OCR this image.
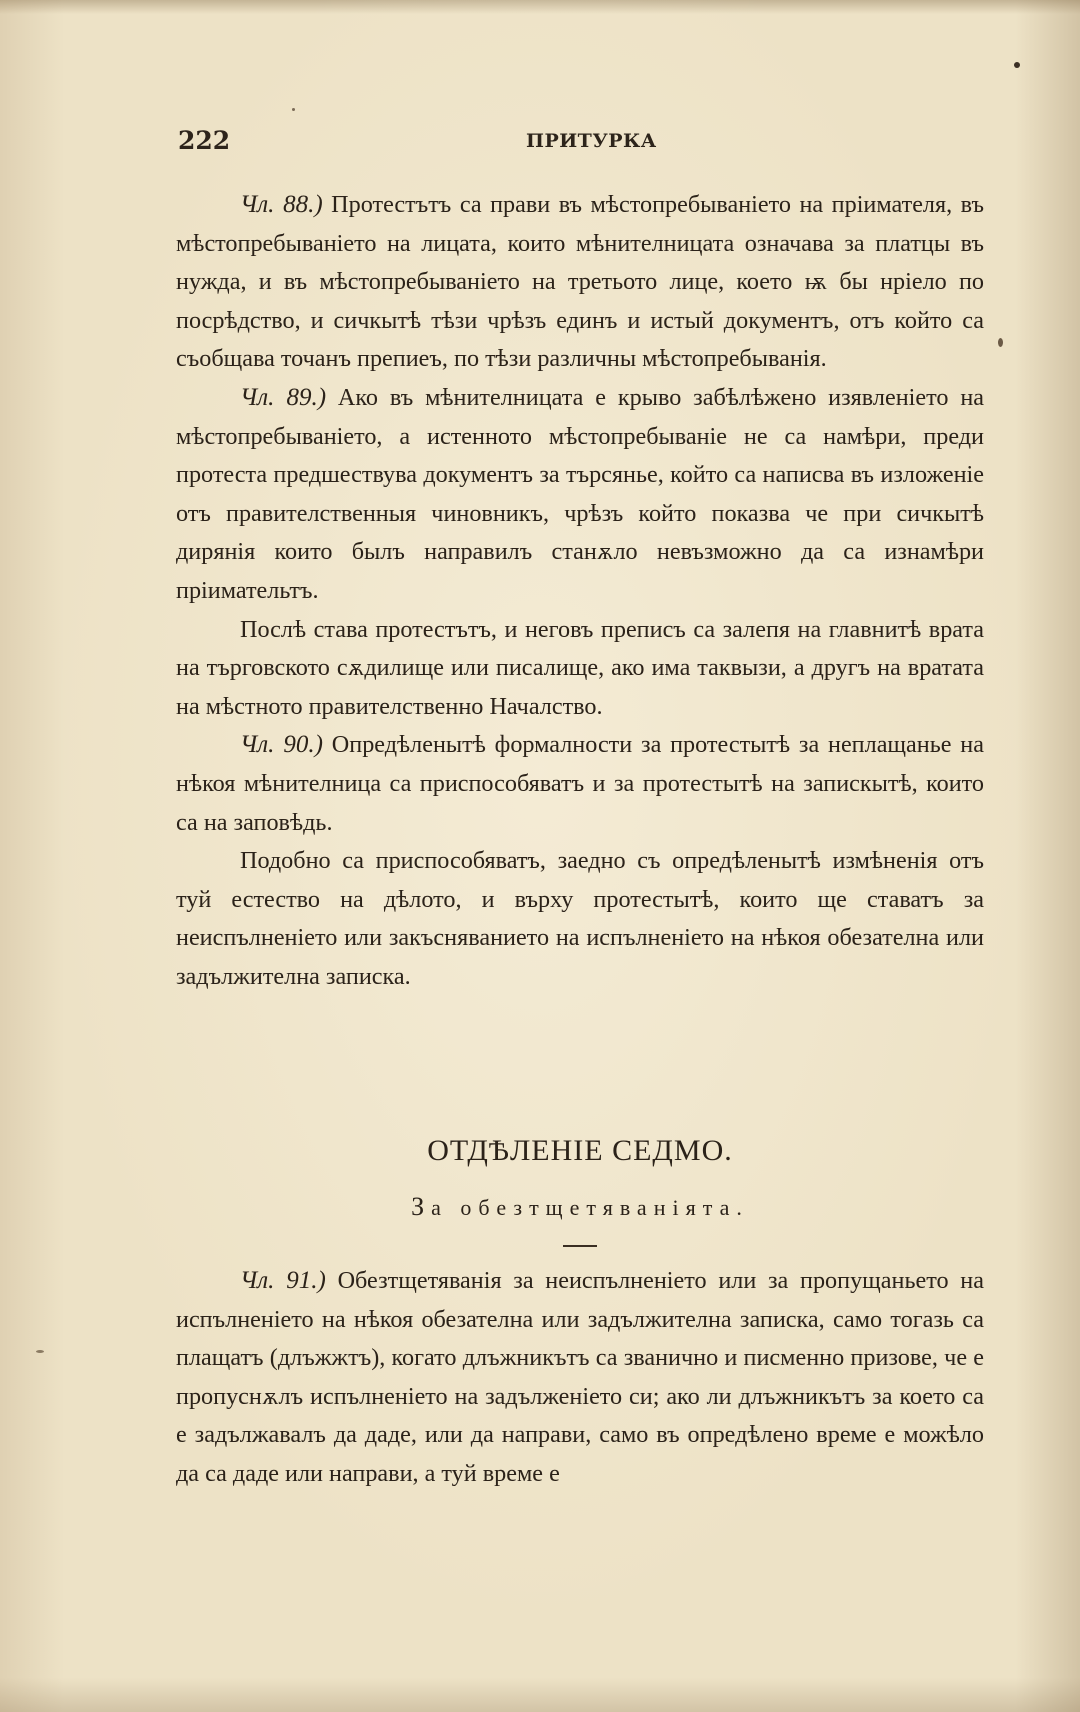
222	ПРИТУРКА

Чл. 88.) Протестътъ са прави въ мѣстопребываніето на пріимателя, въ мѣстопребываніето на лицата, които мѣнителницата означава за платцы въ нужда, и въ мѣстопребываніето на третьото лице, което ѭ бы нріело по посрѣдство, и сичкытѣ тѣзи чрѣзъ единъ и истый документъ, отъ който са съобщава точанъ препиеъ, по тѣзи различны мѣстопребыванія.

Чл. 89.) Ако въ мѣнителницата е крыво забѣлѣжено изявленіето на мѣстопребываніето, а истенното мѣстопребываніе не са намѣри, преди протеста предшествува документъ за търсянье, който са написва въ изложеніе отъ правителственныя чиновникъ, чрѣзъ който показва че при сичкытѣ дирянія които былъ направилъ станѫло невъзможно да са изнамѣри пріимательтъ.

Послѣ става протестътъ, и неговъ преписъ са залепя на главнитѣ врата на търговското сѫдилище или писалище, ако има таквызи, а другъ на вратата на мѣстното правителственно Началство.

Чл. 90.) Опредѣленытѣ формалности за протестытѣ за неплащанье на нѣкоя мѣнителница са приспособяватъ и за протестытѣ на запискытѣ, които са на заповѣдь.

Подобно са приспособяватъ, заедно съ опредѣленытѣ измѣненія отъ туй естество на дѣлото, и върху протестытѣ, които ще ставатъ за неиспълненіето или закъсняванието на испълненіето на нѣкоя обезателна или задължителна записка.

ОТДѢЛЕНІЕ СЕДМО.

За обезтщетяванiята.

Чл. 91.) Обезтщетяванія за неиспълненіето или за пропущаньето на испълненіето на нѣкоя обезателна или задължителна записка, само тогазь са плащатъ (длъжжтъ), когато длъжникътъ са званично и писменно призове, че е пропуснѫлъ испълненіето на задълженіето си; ако ли длъжникътъ за което са е задължавалъ да даде, или да направи, само въ опредѣлено време е можѣло да са даде или направи, а туй време е
